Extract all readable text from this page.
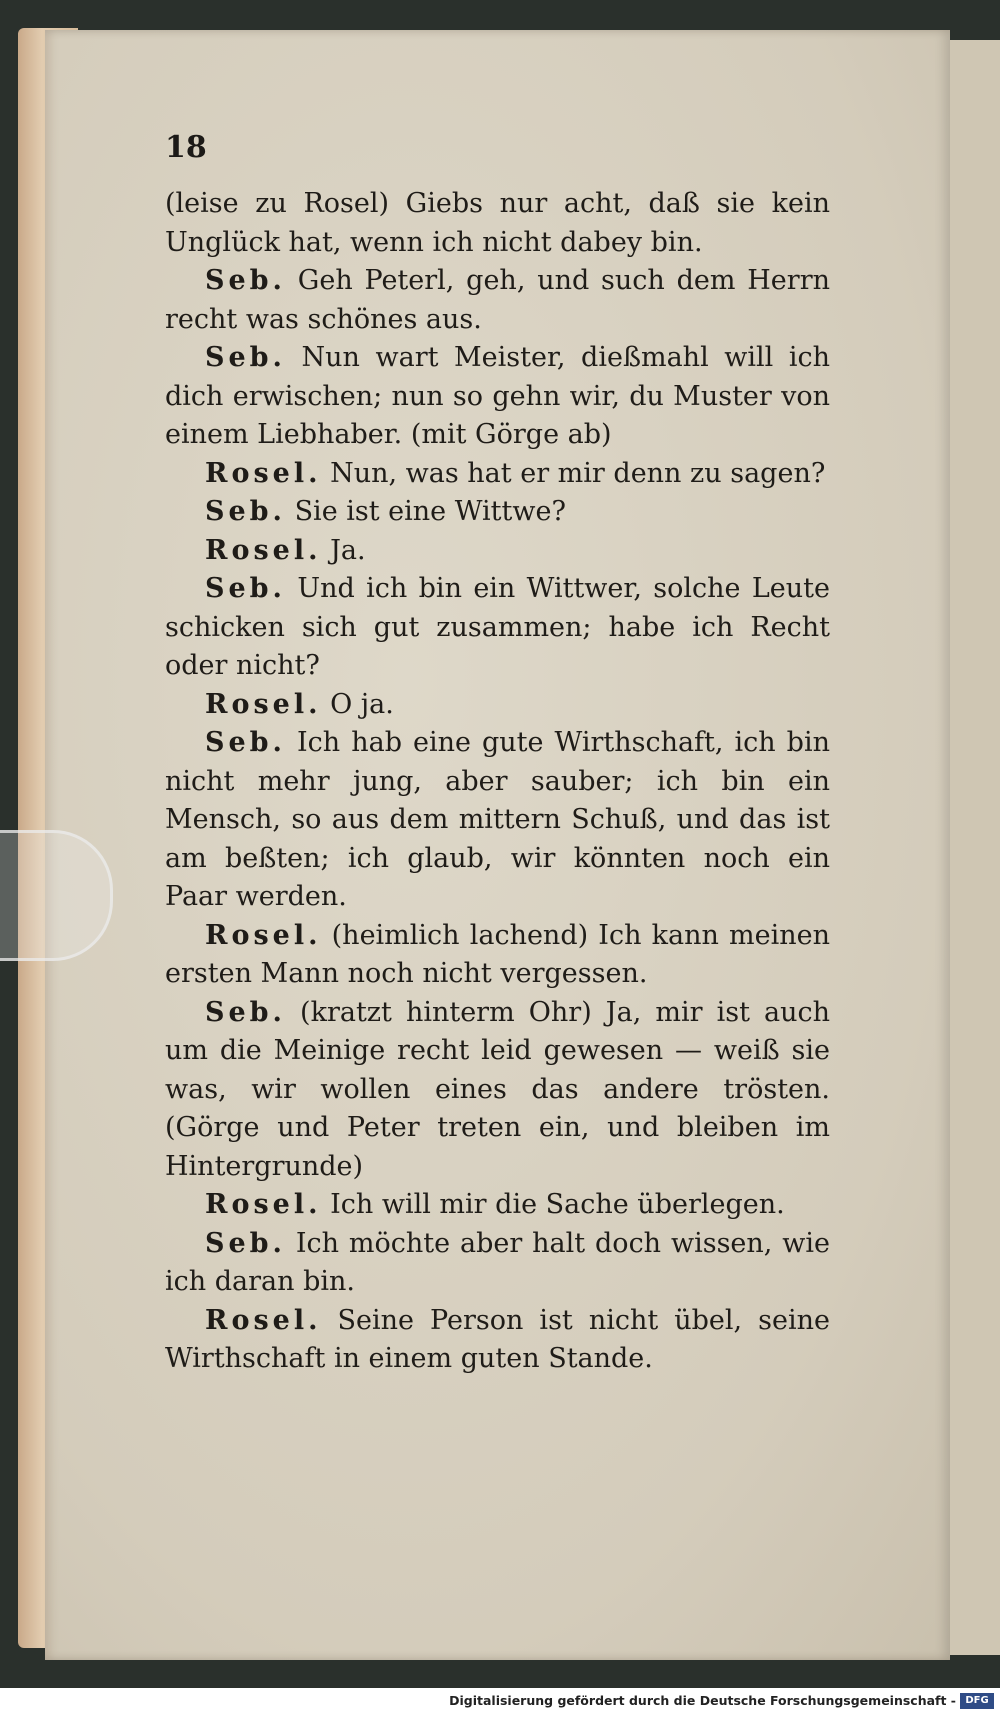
18

(leise zu Rosel) Giebs nur acht, daß sie kein Unglück hat, wenn ich nicht dabey bin.

Seb. Geh Peterl, geh, und such dem Herrn recht was schönes aus.

Seb. Nun wart Meister, dießmahl will ich dich erwischen; nun so gehn wir, du Muster von einem Liebhaber. (mit Görge ab)

Rosel. Nun, was hat er mir denn zu sagen?

Seb. Sie ist eine Wittwe?

Rosel. Ja.

Seb. Und ich bin ein Wittwer, solche Leute schicken sich gut zusammen; habe ich Recht oder nicht?

Rosel. O ja.

Seb. Ich hab eine gute Wirthschaft, ich bin nicht mehr jung, aber sauber; ich bin ein Mensch, so aus dem mittern Schuß, und das ist am beßten; ich glaub, wir könnten noch ein Paar werden.

Rosel. (heimlich lachend) Ich kann meinen ersten Mann noch nicht vergessen.

Seb. (kratzt hinterm Ohr) Ja, mir ist auch um die Meinige recht leid gewesen — weiß sie was, wir wollen eines das andere trösten. (Görge und Peter treten ein, und bleiben im Hintergrunde)

Rosel. Ich will mir die Sache überlegen.

Seb. Ich möchte aber halt doch wissen, wie ich daran bin.

Rosel. Seine Person ist nicht übel, seine Wirthschaft in einem guten Stande.

Digitalisierung gefördert durch die Deutsche Forschungsgemeinschaft - DFG
